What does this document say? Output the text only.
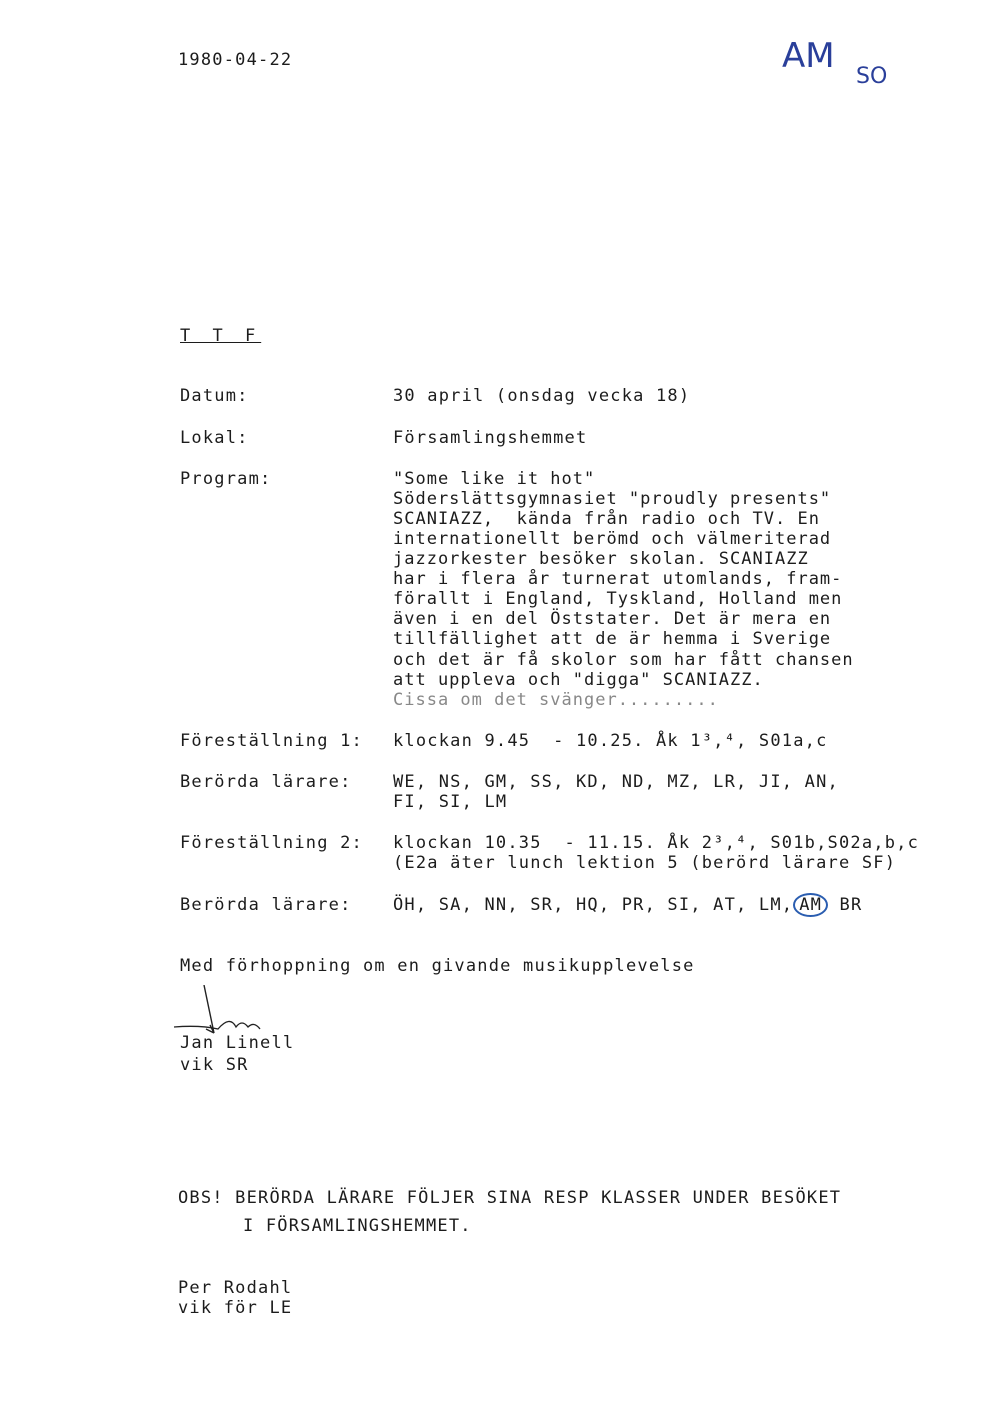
1980-04-22	AM
SO
T T F
Datum:	30 april (onsdag vecka 18)
Lokal:	Församlingshemmet
Program:	"Some like it hot"
Söderslättsgymnasiet "proudly presents"
SCANIAZZ,  kända från radio och TV. En
internationellt berömd och välmeriterad
jazzorkester besöker skolan. SCANIAZZ
har i flera år turnerat utomlands, fram-
förallt i England, Tyskland, Holland men
även i en del Öststater. Det är mera en
tillfällighet att de är hemma i Sverige
och det är få skolor som har fått chansen
att uppleva och "digga" SCANIAZZ.
Cissa om det svänger.........
Föreställning 1: klockan 9.45  - 10.25. Åk 1³,⁴, S01a,c
Berörda lärare: WE, NS, GM, SS, KD, ND, MZ, LR, JI, AN,
FI, SI, LM
Föreställning 2: klockan 10.35  - 11.15. Åk 2³,⁴, S01b,S02a,b,c
(E2a äter lunch lektion 5 (berörd lärare SF)
Berörda lärare: ÖH, SA, NN, SR, HQ, PR, SI, AT, LM, AM BR
Med förhoppning om en givande musikupplevelse
Jan Linell
vik SR
OBS! BERÖRDA LÄRARE FÖLJER SINA RESP KLASSER UNDER BESÖKET
I FÖRSAMLINGSHEMMET.
Per Rodahl
vik för LE
